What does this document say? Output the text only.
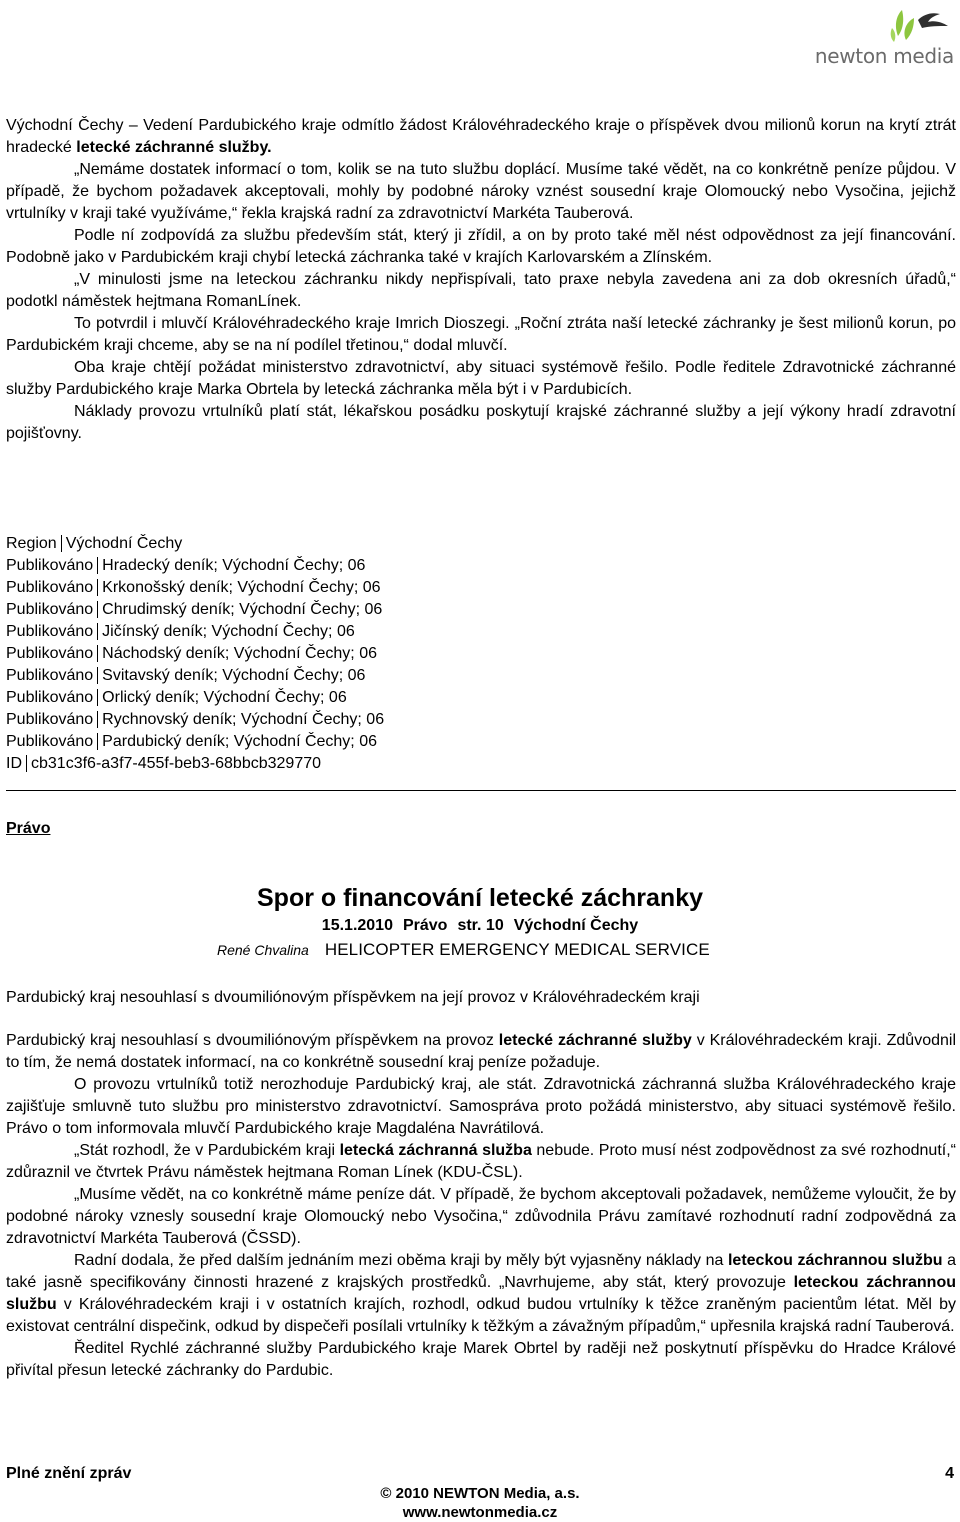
newton media

Východní Čechy – Vedení Pardubického kraje odmítlo žádost Královéhradeckého kraje o příspěvek dvou milionů korun na krytí ztrát hradecké letecké záchranné služby.

„Nemáme dostatek informací o tom, kolik se na tuto službu doplácí. Musíme také vědět, na co konkrétně peníze půjdou. V případě, že bychom požadavek akceptovali, mohly by podobné nároky vznést sousední kraje Olomoucký nebo Vysočina, jejichž vrtulníky v kraji také využíváme,“ řekla krajská radní za zdravotnictví Markéta Tauberová.

Podle ní zodpovídá za službu především stát, který ji zřídil, a on by proto také měl nést odpovědnost za její financování. Podobně jako v Pardubickém kraji chybí letecká záchranka také v krajích Karlovarském a Zlínském.

„V minulosti jsme na leteckou záchranku nikdy nepřispívali, tato praxe nebyla zavedena ani za dob okresních úřadů,“ podotkl náměstek hejtmana RomanLínek.

To potvrdil i mluvčí Královéhradeckého kraje Imrich Dioszegi. „Roční ztráta naší letecké záchranky je šest milionů korun, po Pardubickém kraji chceme, aby se na ní podílel třetinou,“ dodal mluvčí.

Oba kraje chtějí požádat ministerstvo zdravotnictví, aby situaci systémově řešilo. Podle ředitele Zdravotnické záchranné služby Pardubického kraje Marka Obrtela by letecká záchranka měla být i v Pardubicích.

Náklady provozu vrtulníků platí stát, lékařskou posádku poskytují krajské záchranné služby a její výkony hradí zdravotní pojišťovny.

Region Východní Čechy
Publikováno Hradecký deník; Východní Čechy; 06
Publikováno Krkonošský deník; Východní Čechy; 06
Publikováno Chrudimský deník; Východní Čechy; 06
Publikováno Jičínský deník; Východní Čechy; 06
Publikováno Náchodský deník; Východní Čechy; 06
Publikováno Svitavský deník; Východní Čechy; 06
Publikováno Orlický deník; Východní Čechy; 06
Publikováno Rychnovský deník; Východní Čechy; 06
Publikováno Pardubický deník; Východní Čechy; 06
ID cb31c3f6-a3f7-455f-beb3-68bbcb329770
Právo
Spor o financování letecké záchranky
15.1.2010 Právo str. 10 Východní Čechy
René Chvalina HELICOPTER EMERGENCY MEDICAL SERVICE
Pardubický kraj nesouhlasí s dvoumiliónovým příspěvkem na její provoz v Královéhradeckém kraji

Pardubický kraj nesouhlasí s dvoumiliónovým příspěvkem na provoz letecké záchranné služby v Královéhradeckém kraji. Zdůvodnil to tím, že nemá dostatek informací, na co konkrétně sousední kraj peníze požaduje.

O provozu vrtulníků totiž nerozhoduje Pardubický kraj, ale stát. Zdravotnická záchranná služba Královéhradeckého kraje zajišťuje smluvně tuto službu pro ministerstvo zdravotnictví. Samospráva proto požádá ministerstvo, aby situaci systémově řešilo. Právo o tom informovala mluvčí Pardubického kraje Magdaléna Navrátilová.

„Stát rozhodl, že v Pardubickém kraji letecká záchranná služba nebude. Proto musí nést zodpovědnost za své rozhodnutí,“ zdůraznil ve čtvrtek Právu náměstek hejtmana Roman Línek (KDU-ČSL).

„Musíme vědět, na co konkrétně máme peníze dát. V případě, že bychom akceptovali požadavek, nemůžeme vyloučit, že by podobné nároky vznesly sousední kraje Olomoucký nebo Vysočina,“ zdůvodnila Právu zamítavé rozhodnutí radní zodpovědná za zdravotnictví Markéta Tauberová (ČSSD).

Radní dodala, že před dalším jednáním mezi oběma kraji by měly být vyjasněny náklady na leteckou záchrannou službu a také jasně specifikovány činnosti hrazené z krajských prostředků. „Navrhujeme, aby stát, který provozuje leteckou záchrannou službu v Královéhradeckém kraji i v ostatních krajích, rozhodl, odkud budou vrtulníky k těžce zraněným pacientům létat. Měl by existovat centrální dispečink, odkud by dispečeři posílali vrtulníky k těžkým a závažným případům,“ upřesnila krajská radní Tauberová.

Ředitel Rychlé záchranné služby Pardubického kraje Marek Obrtel by raději než poskytnutí příspěvku do Hradce Králové přivítal přesun letecké záchranky do Pardubic.

Plné znění zpráv	4
© 2010 NEWTON Media, a.s.
www.newtonmedia.cz
